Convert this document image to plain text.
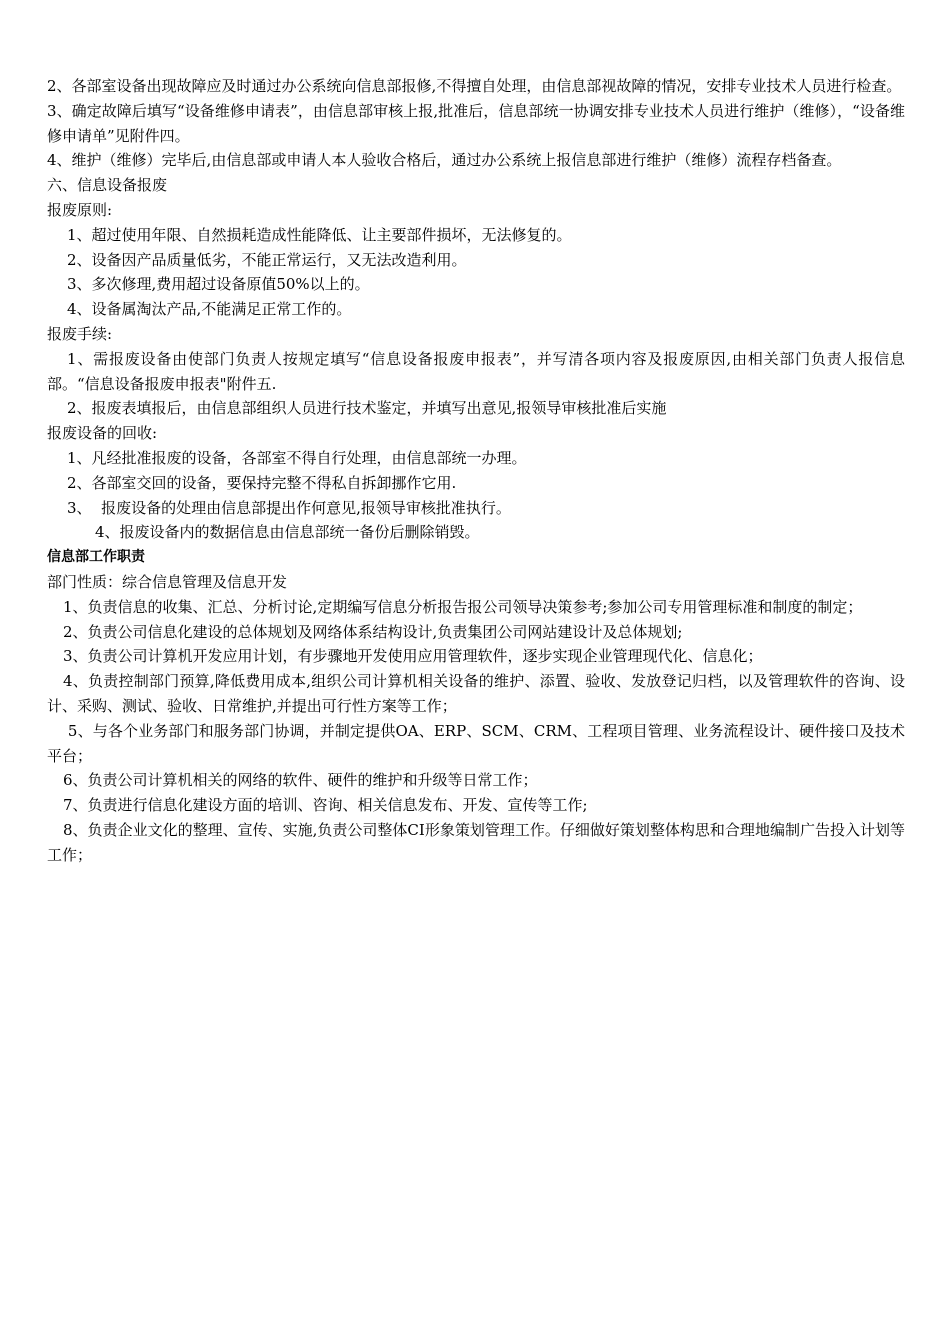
2、各部室设备出现故障应及时通过办公系统向信息部报修,不得擅自处理，由信息部视故障的情况，安排专业技术人员进行检查。

3、确定故障后填写“设备维修申请表”，由信息部审核上报,批准后，信息部统一协调安排专业技术人员进行维护（维修），“设备维修申请单”见附件四。

4、维护（维修）完毕后,由信息部或申请人本人验收合格后，通过办公系统上报信息部进行维护（维修）流程存档备查。

六、信息设备报废

报废原则:

1、超过使用年限、自然损耗造成性能降低、让主要部件损坏，无法修复的。

2、设备因产品质量低劣，不能正常运行，又无法改造利用。

3、多次修理,费用超过设备原值50%以上的。

4、设备属淘汰产品,不能满足正常工作的。

报废手续:

1、需报废设备由使部门负责人按规定填写“信息设备报废申报表”，并写清各项内容及报废原因,由相关部门负责人报信息部。“信息设备报废申报表"附件五.

2、报废表填报后，由信息部组织人员进行技术鉴定，并填写出意见,报领导审核批准后实施

报废设备的回收:

1、凡经批准报废的设备，各部室不得自行处理，由信息部统一办理。

2、各部室交回的设备，要保持完整不得私自拆卸挪作它用.

3、  报废设备的处理由信息部提出作何意见,报领导审核批准执行。

4、报废设备内的数据信息由信息部统一备份后删除销毁。

信息部工作职责

部门性质：综合信息管理及信息开发

1、负责信息的收集、汇总、分析讨论,定期编写信息分析报告报公司领导决策参考;参加公司专用管理标准和制度的制定；

2、负责公司信息化建设的总体规划及网络体系结构设计,负责集团公司网站建设计及总体规划;

3、负责公司计算机开发应用计划，有步骤地开发使用应用管理软件，逐步实现企业管理现代化、信息化；

4、负责控制部门预算,降低费用成本,组织公司计算机相关设备的维护、添置、验收、发放登记归档，以及管理软件的咨询、设计、采购、测试、验收、日常维护,并提出可行性方案等工作；

5、与各个业务部门和服务部门协调，并制定提供OA、ERP、SCM、CRM、工程项目管理、业务流程设计、硬件接口及技术平台；

6、负责公司计算机相关的网络的软件、硬件的维护和升级等日常工作；

7、负责进行信息化建设方面的培训、咨询、相关信息发布、开发、宣传等工作;

8、负责企业文化的整理、宣传、实施,负责公司整体CI形象策划管理工作。仔细做好策划整体构思和合理地编制广告投入计划等工作；
